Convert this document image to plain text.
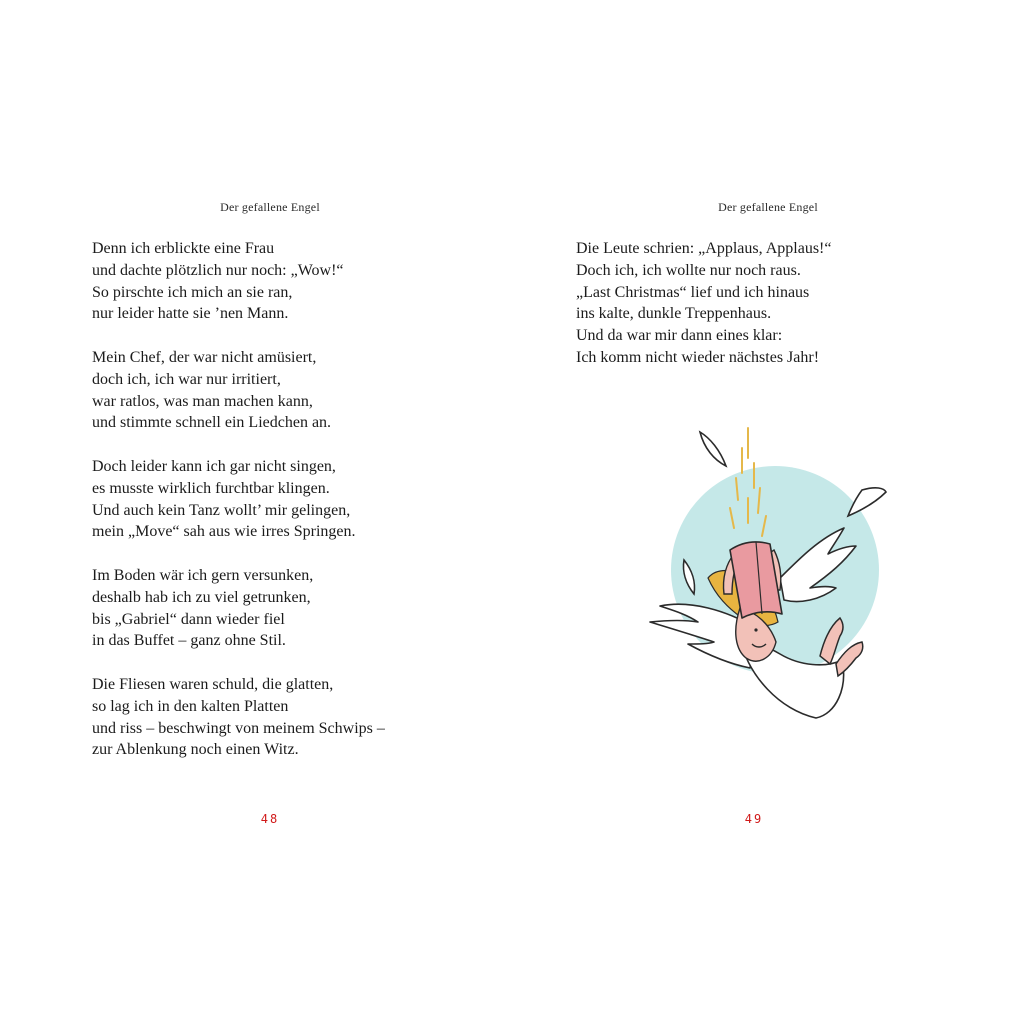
Der gefallene Engel
Denn ich erblickte eine Frau
und dachte plötzlich nur noch: „Wow!“
So pirschte ich mich an sie ran,
nur leider hatte sie ’nen Mann.
Mein Chef, der war nicht amüsiert,
doch ich, ich war nur irritiert,
war ratlos, was man machen kann,
und stimmte schnell ein Liedchen an.
Doch leider kann ich gar nicht singen,
es musste wirklich furchtbar klingen.
Und auch kein Tanz wollt’ mir gelingen,
mein „Move“ sah aus wie irres Springen.
Im Boden wär ich gern versunken,
deshalb hab ich zu viel getrunken,
bis „Gabriel“ dann wieder fiel
in das Buffet – ganz ohne Stil.
Die Fliesen waren schuld, die glatten,
so lag ich in den kalten Platten
und riss – beschwingt von meinem Schwips –
zur Ablenkung noch einen Witz.
48
Der gefallene Engel
Die Leute schrien: „Applaus, Applaus!“
Doch ich, ich wollte nur noch raus.
„Last Christmas“ lief und ich hinaus
ins kalte, dunkle Treppenhaus.
Und da war mir dann eines klar:
Ich komm nicht wieder nächstes Jahr!
49
